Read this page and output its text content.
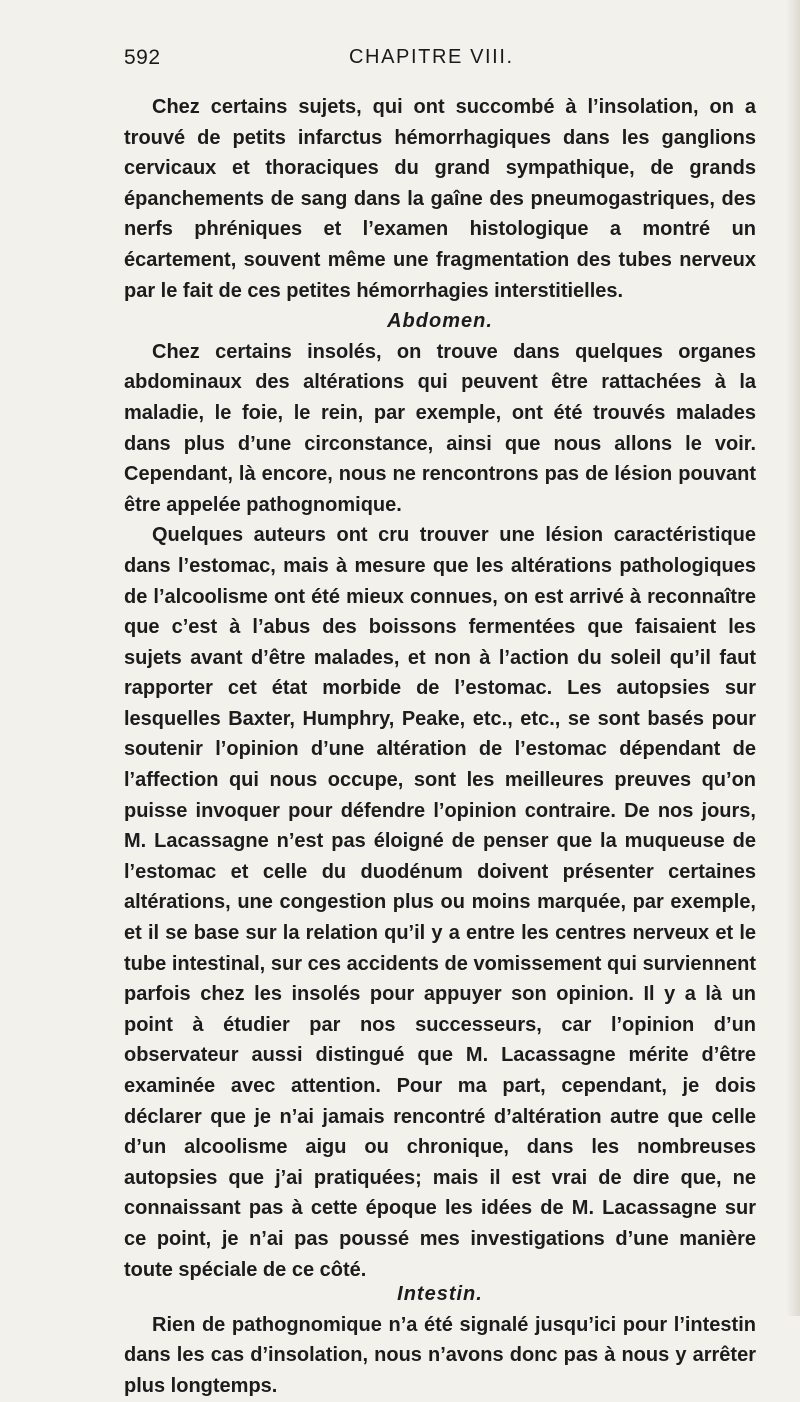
592	CHAPITRE VIII.

Chez certains sujets, qui ont succombé à l’insolation, on a trouvé de petits infarctus hémorrhagiques dans les ganglions cervicaux et thoraciques du grand sympathique, de grands épanchements de sang dans la gaîne des pneumogastriques, des nerfs phréniques et l’examen histologique a montré un écartement, souvent même une fragmentation des tubes nerveux par le fait de ces petites hémorrhagies interstitielles.

Abdomen.

Chez certains insolés, on trouve dans quelques organes abdominaux des altérations qui peuvent être rattachées à la maladie, le foie, le rein, par exemple, ont été trouvés malades dans plus d’une circonstance, ainsi que nous allons le voir. Cependant, là encore, nous ne rencontrons pas de lésion pouvant être appelée pathognomique.

Quelques auteurs ont cru trouver une lésion caractéristique dans l’estomac, mais à mesure que les altérations pathologiques de l’alcoolisme ont été mieux connues, on est arrivé à reconnaître que c’est à l’abus des boissons fermentées que faisaient les sujets avant d’être malades, et non à l’action du soleil qu’il faut rapporter cet état morbide de l’estomac. Les autopsies sur lesquelles Baxter, Humphry, Peake, etc., etc., se sont basés pour soutenir l’opinion d’une altération de l’estomac dépendant de l’affection qui nous occupe, sont les meilleures preuves qu’on puisse invoquer pour défendre l’opinion contraire. De nos jours, M. Lacassagne n’est pas éloigné de penser que la muqueuse de l’estomac et celle du duodénum doivent présenter certaines altérations, une congestion plus ou moins marquée, par exemple, et il se base sur la relation qu’il y a entre les centres nerveux et le tube intestinal, sur ces accidents de vomissement qui surviennent parfois chez les insolés pour appuyer son opinion. Il y a là un point à étudier par nos successeurs, car l’opinion d’un observateur aussi distingué que M. Lacassagne mérite d’être examinée avec attention. Pour ma part, cependant, je dois déclarer que je n’ai jamais rencontré d’altération autre que celle d’un alcoolisme aigu ou chronique, dans les nombreuses autopsies que j’ai pratiquées; mais il est vrai de dire que, ne connaissant pas à cette époque les idées de M. Lacassagne sur ce point, je n’ai pas poussé mes investigations d’une manière toute spéciale de ce côté.

Intestin.

Rien de pathognomique n’a été signalé jusqu’ici pour l’intestin dans les cas d’insolation, nous n’avons donc pas à nous y arrêter plus longtemps.
